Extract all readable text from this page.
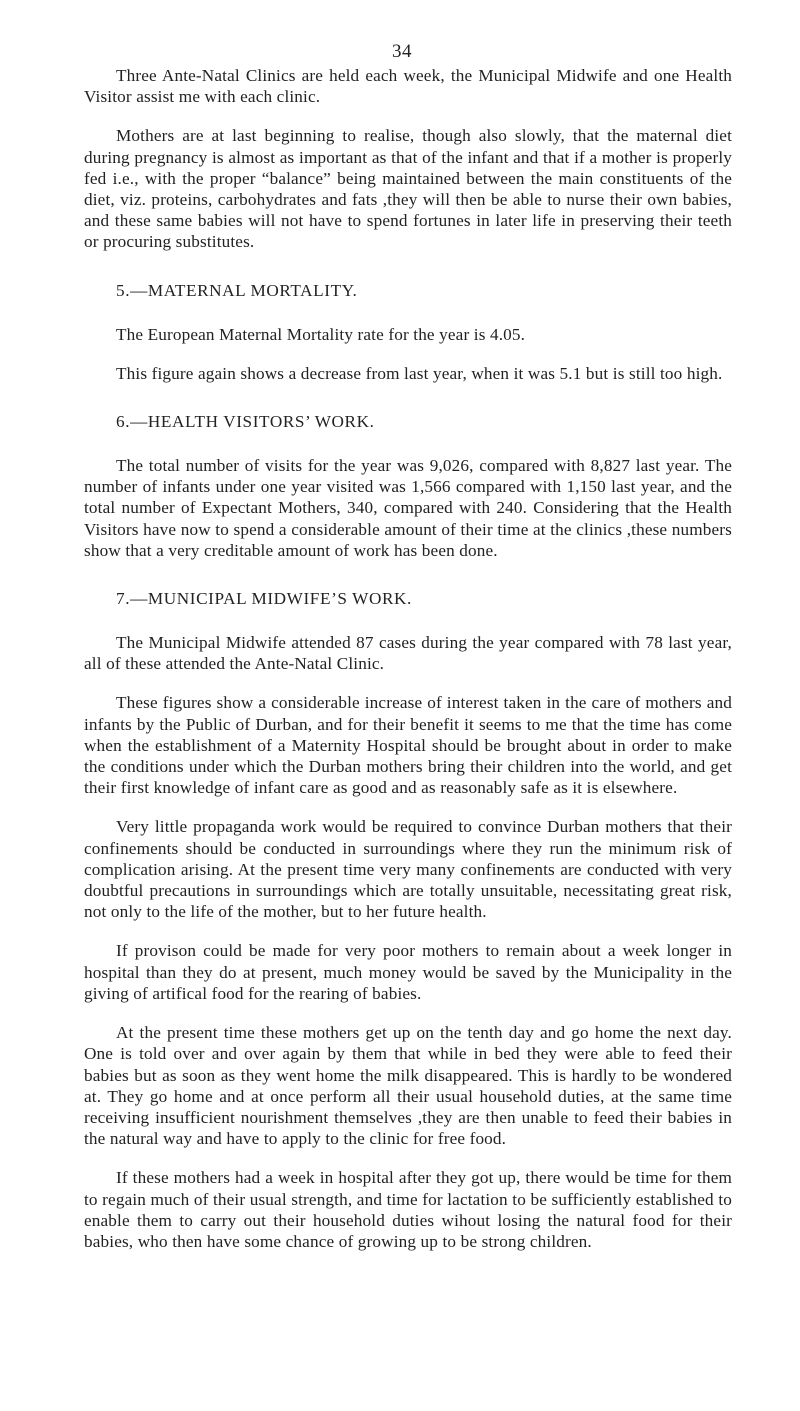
34

Three Ante-Natal Clinics are held each week, the Municipal Midwife and one Health Visitor assist me with each clinic.

Mothers are at last beginning to realise, though also slowly, that the maternal diet during pregnancy is almost as important as that of the infant and that if a mother is properly fed i.e., with the proper “balance” being maintained between the main constituents of the diet, viz. proteins, carbohydrates and fats ,they will then be able to nurse their own babies, and these same babies will not have to spend fortunes in later life in preserving their teeth or procuring substitutes.

5.—MATERNAL MORTALITY.

The European Maternal Mortality rate for the year is 4.05.

This figure again shows a decrease from last year, when it was 5.1 but is still too high.

6.—HEALTH VISITORS’ WORK.

The total number of visits for the year was 9,026, compared with 8,827 last year. The number of infants under one year visited was 1,566 compared with 1,150 last year, and the total number of Expectant Mothers, 340, compared with 240. Considering that the Health Visitors have now to spend a considerable amount of their time at the clinics ,these numbers show that a very creditable amount of work has been done.

7.—MUNICIPAL MIDWIFE’S WORK.

The Municipal Midwife attended 87 cases during the year compared with 78 last year, all of these attended the Ante-Natal Clinic.

These figures show a considerable increase of interest taken in the care of mothers and infants by the Public of Durban, and for their benefit it seems to me that the time has come when the establishment of a Maternity Hospital should be brought about in order to make the conditions under which the Durban mothers bring their children into the world, and get their first knowledge of infant care as good and as reasonably safe as it is elsewhere.

Very little propaganda work would be required to convince Durban mothers that their confinements should be conducted in surroundings where they run the minimum risk of complication arising. At the present time very many confinements are conducted with very doubtful precautions in surroundings which are totally unsuitable, necessitating great risk, not only to the life of the mother, but to her future health.

If provison could be made for very poor mothers to remain about a week longer in hospital than they do at present, much money would be saved by the Municipality in the giving of artifical food for the rearing of babies.

At the present time these mothers get up on the tenth day and go home the next day. One is told over and over again by them that while in bed they were able to feed their babies but as soon as they went home the milk disappeared. This is hardly to be wondered at. They go home and at once perform all their usual household duties, at the same time receiving insufficient nourishment themselves ,they are then unable to feed their babies in the natural way and have to apply to the clinic for free food.

If these mothers had a week in hospital after they got up, there would be time for them to regain much of their usual strength, and time for lactation to be sufficiently established to enable them to carry out their household duties wihout losing the natural food for their babies, who then have some chance of growing up to be strong children.
